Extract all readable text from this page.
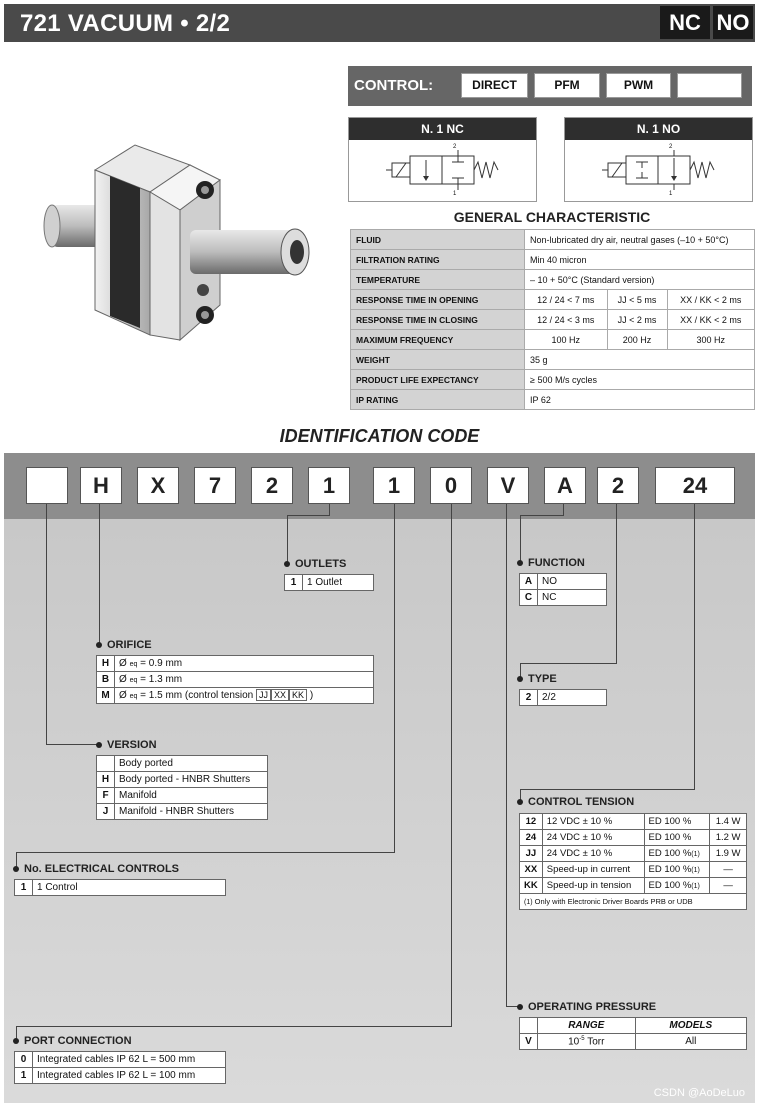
721 VACUUM • 2/2	NC NO
CONTROL:	DIRECT	PFM	PWM
N. 1 NC
2
1
N. 1 NO
2
1
GENERAL CHARACTERISTIC
FLUID	Non-lubricated dry air, neutral gases (–10 + 50°C)		
FILTRATION RATING	Min 40 micron		
TEMPERATURE	– 10 + 50°C (Standard version)		
RESPONSE TIME IN OPENING	12 / 24 < 7 ms	JJ < 5 ms	XX / KK < 2 ms
RESPONSE TIME IN CLOSING	12 / 24 < 3 ms	JJ < 2 ms	XX / KK < 2 ms
MAXIMUM FREQUENCY	100 Hz	200 Hz	300 Hz
WEIGHT	35 g		
PRODUCT LIFE EXPECTANCY	≥ 500 M/s cycles		
IP RATING	IP 62		
IDENTIFICATION CODE
H	X	7	2	1	1	0	V	A	2	24
OUTLETS
1	1 Outlet
FUNCTION
A	NO
C	NC
ORIFICE
H	Ø eq = 0.9 mm
B	Ø eq = 1.3 mm
M	Ø eq = 1.5 mm (control tension JJ XX KK )
TYPE
2	2/2
VERSION
	Body ported
H	Body ported - HNBR Shutters
F	Manifold
J	Manifold - HNBR Shutters
CONTROL TENSION
12	12 VDC ± 10 %	ED 100 %	1.4 W
24	24 VDC ± 10 %	ED 100 %	1.2 W
JJ	24 VDC ± 10 %	ED 100 %(1)	1.9 W
XX	Speed-up in current	ED 100 %(1)	—
KK	Speed-up in tension	ED 100 %(1)	—
(1) Only with Electronic Driver Boards PRB or UDB			
No. ELECTRICAL CONTROLS
1	1 Control
OPERATING PRESSURE
	RANGE	MODELS
V	$10^{-5}$ Torr	All
PORT CONNECTION
0	Integrated cables IP 62 L = 500 mm
1	Integrated cables IP 62 L = 100 mm
CSDN @AoDeLuo
